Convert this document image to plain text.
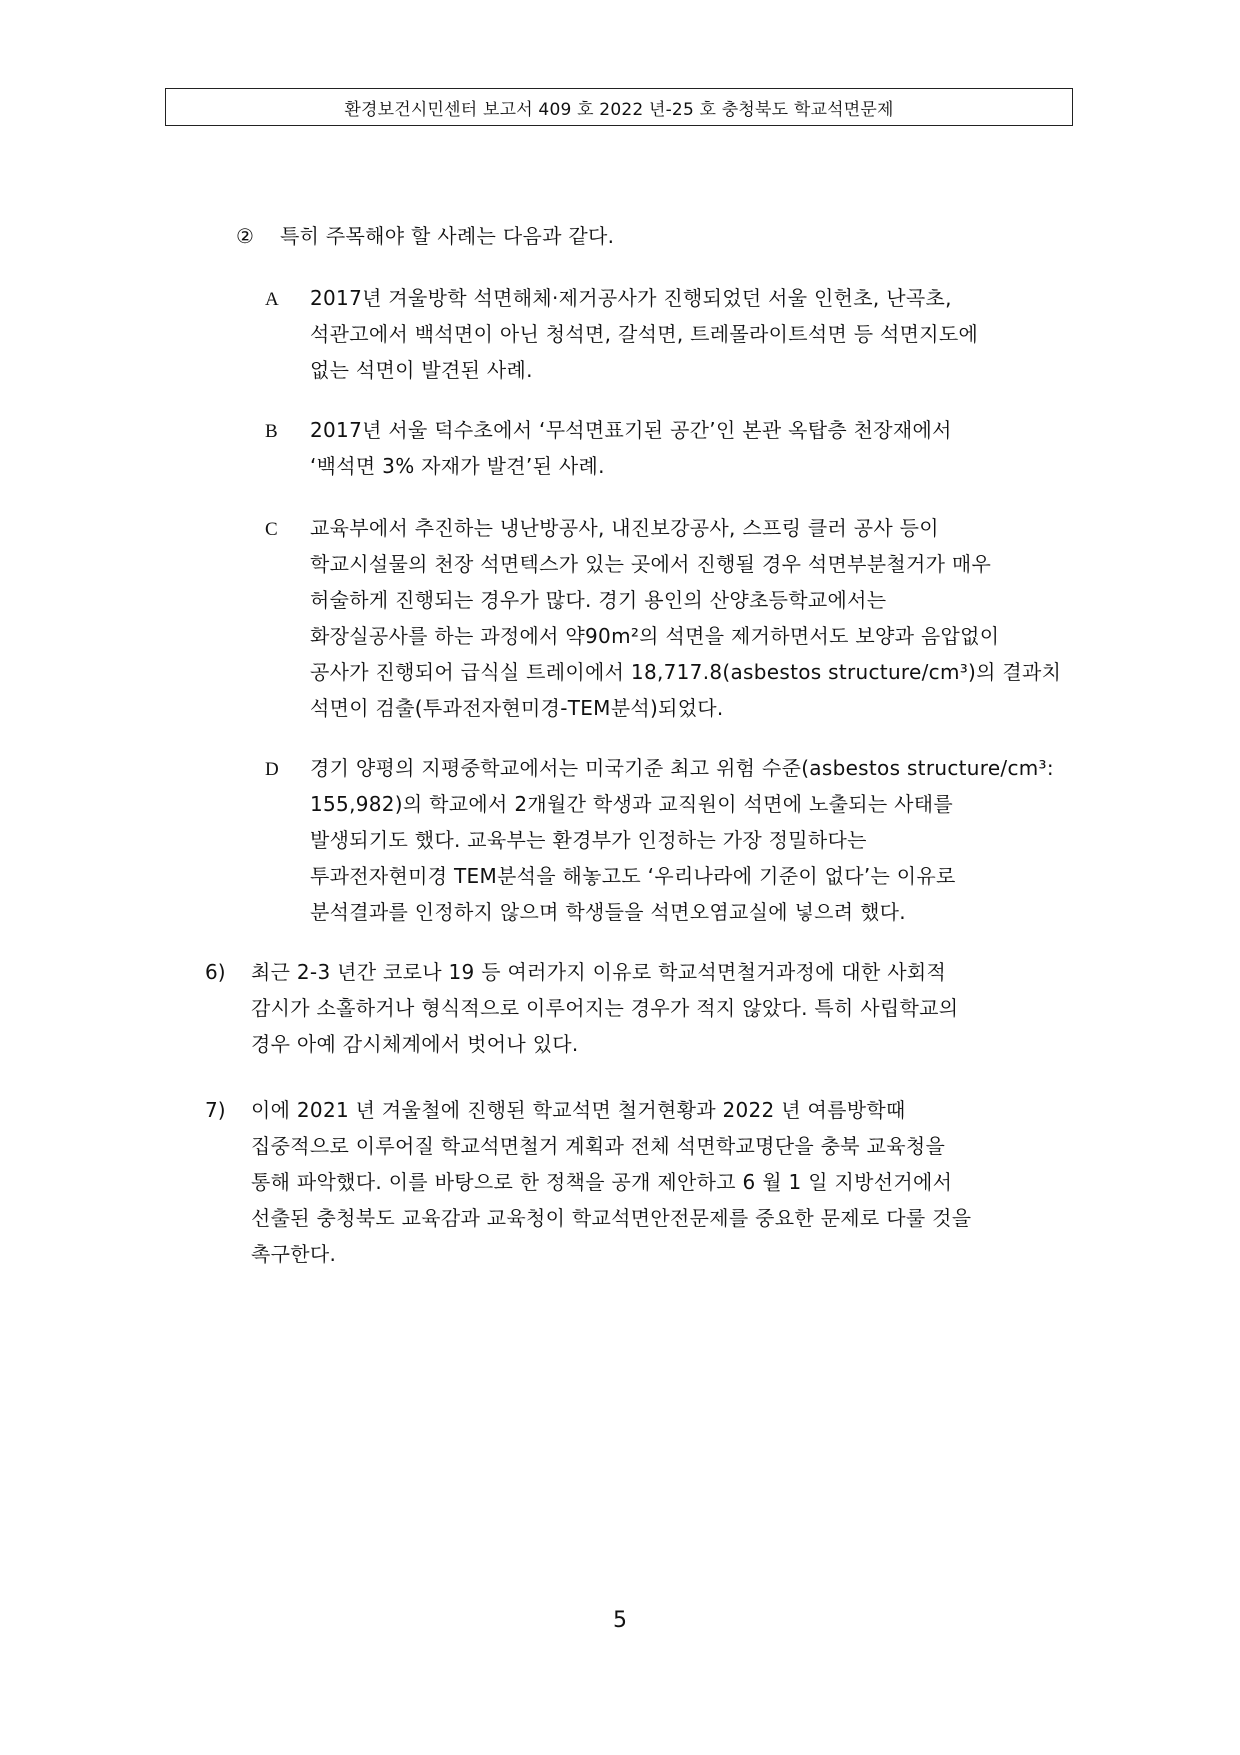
환경보건시민센터 보고서 409 호 2022 년-25 호 충청북도 학교석면문제
② 특히 주목해야 할 사례는 다음과 같다.
A 2017년 겨울방학 석면해체·제거공사가 진행되었던 서울 인헌초, 난곡초,
석관고에서 백석면이 아닌 청석면, 갈석면, 트레몰라이트석면 등 석면지도에
없는 석면이 발견된 사례.
B 2017년 서울 덕수초에서 ‘무석면표기된 공간’인 본관 옥탑층 천장재에서
‘백석면 3% 자재가 발견’된 사례.
C 교육부에서 추진하는 냉난방공사, 내진보강공사, 스프링 클러 공사 등이
학교시설물의 천장 석면텍스가 있는 곳에서 진행될 경우 석면부분철거가 매우
허술하게 진행되는 경우가 많다. 경기 용인의 산양초등학교에서는
화장실공사를 하는 과정에서 약90m²의 석면을 제거하면서도 보양과 음압없이
공사가 진행되어 급식실 트레이에서 18,717.8(asbestos structure/cm³)의 결과치
석면이 검출(투과전자현미경-TEM분석)되었다.
D 경기 양평의 지평중학교에서는 미국기준 최고 위험 수준(asbestos structure/cm³:
155,982)의 학교에서 2개월간 학생과 교직원이 석면에 노출되는 사태를
발생되기도 했다. 교육부는 환경부가 인정하는 가장 정밀하다는
투과전자현미경 TEM분석을 해놓고도 ‘우리나라에 기준이 없다’는 이유로
분석결과를 인정하지 않으며 학생들을 석면오염교실에 넣으려 했다.
6) 최근 2-3 년간 코로나 19 등 여러가지 이유로 학교석면철거과정에 대한 사회적
감시가 소홀하거나 형식적으로 이루어지는 경우가 적지 않았다. 특히 사립학교의
경우 아예 감시체계에서 벗어나 있다.
7) 이에 2021 년 겨울철에 진행된 학교석면 철거현황과 2022 년 여름방학때
집중적으로 이루어질 학교석면철거 계획과 전체 석면학교명단을 충북 교육청을
통해 파악했다. 이를 바탕으로 한 정책을 공개 제안하고 6 월 1 일 지방선거에서
선출된 충청북도 교육감과 교육청이 학교석면안전문제를 중요한 문제로 다룰 것을
촉구한다.
5
